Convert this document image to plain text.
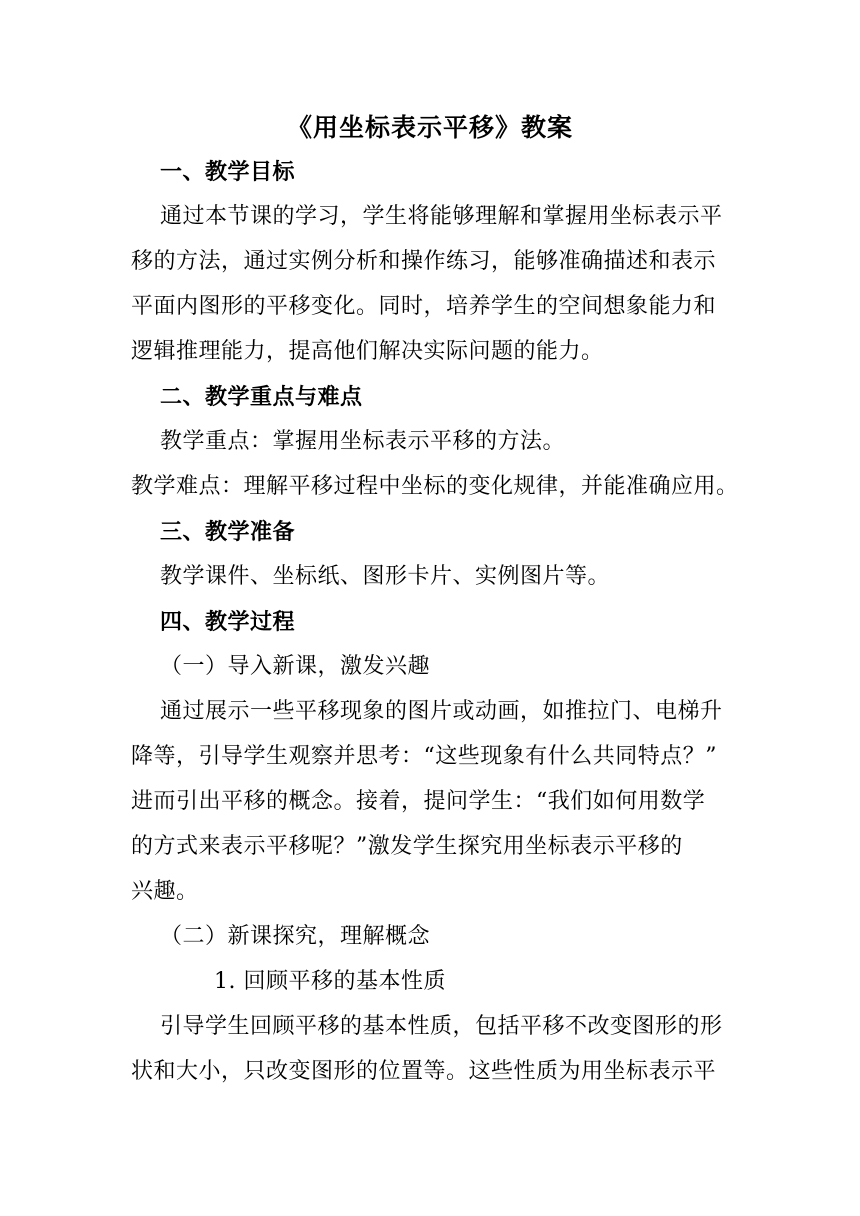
《用坐标表示平移》教案
一、教学目标
通过本节课的学习，学生将能够理解和掌握用坐标表示平
移的方法，通过实例分析和操作练习，能够准确描述和表示
平面内图形的平移变化。同时，培养学生的空间想象能力和
逻辑推理能力，提高他们解决实际问题的能力。
二、教学重点与难点
教学重点：掌握用坐标表示平移的方法。
教学难点：理解平移过程中坐标的变化规律，并能准确应用。
三、教学准备
教学课件、坐标纸、图形卡片、实例图片等。
四、教学过程
（一）导入新课，激发兴趣
通过展示一些平移现象的图片或动画，如推拉门、电梯升
降等，引导学生观察并思考：“这些现象有什么共同特点？”
进而引出平移的概念。接着，提问学生：“我们如何用数学
的方式来表示平移呢？”激发学生探究用坐标表示平移的
兴趣。
（二）新课探究，理解概念
1. 回顾平移的基本性质
引导学生回顾平移的基本性质，包括平移不改变图形的形
状和大小，只改变图形的位置等。这些性质为用坐标表示平
